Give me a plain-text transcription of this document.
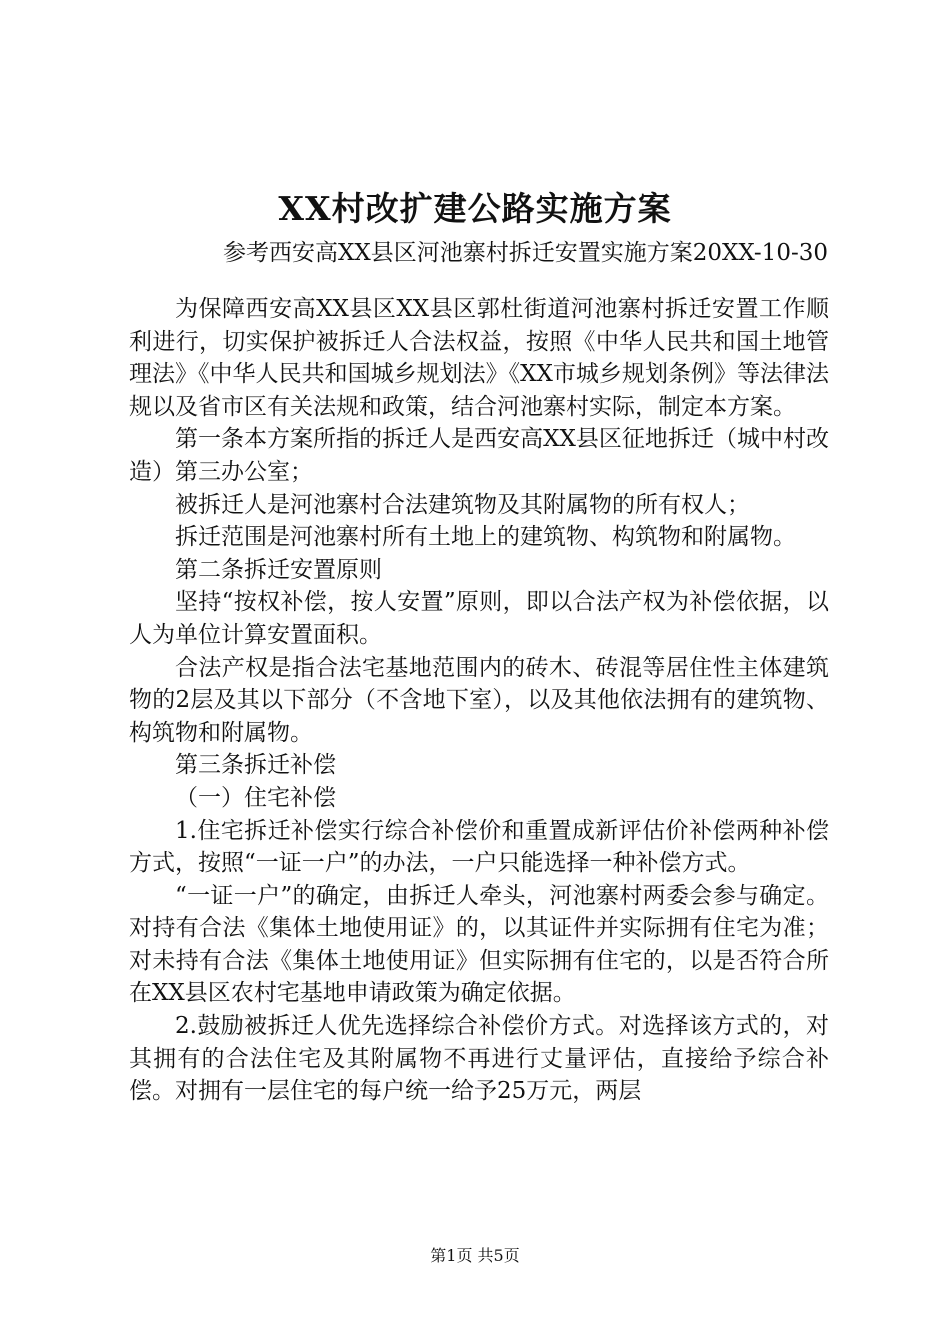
XX村改扩建公路实施方案
参考西安高XX县区河池寨村拆迁安置实施方案20XX-10-30

为保障西安高XX县区XX县区郭杜街道河池寨村拆迁安置工作顺利进行，切实保护被拆迁人合法权益，按照《中华人民共和国土地管理法》《中华人民共和国城乡规划法》《XX市城乡规划条例》等法律法规以及省市区有关法规和政策，结合河池寨村实际，制定本方案。

第一条本方案所指的拆迁人是西安高XX县区征地拆迁（城中村改造）第三办公室；

被拆迁人是河池寨村合法建筑物及其附属物的所有权人；

拆迁范围是河池寨村所有土地上的建筑物、构筑物和附属物。

第二条拆迁安置原则

坚持“按权补偿，按人安置”原则，即以合法产权为补偿依据，以人为单位计算安置面积。

合法产权是指合法宅基地范围内的砖木、砖混等居住性主体建筑物的2层及其以下部分（不含地下室），以及其他依法拥有的建筑物、构筑物和附属物。

第三条拆迁补偿

（一）住宅补偿

1.住宅拆迁补偿实行综合补偿价和重置成新评估价补偿两种补偿方式，按照“一证一户”的办法，一户只能选择一种补偿方式。

“一证一户”的确定，由拆迁人牵头，河池寨村两委会参与确定。对持有合法《集体土地使用证》的，以其证件并实际拥有住宅为准；对未持有合法《集体土地使用证》但实际拥有住宅的，以是否符合所在XX县区农村宅基地申请政策为确定依据。

2.鼓励被拆迁人优先选择综合补偿价方式。对选择该方式的，对其拥有的合法住宅及其附属物不再进行丈量评估，直接给予综合补偿。对拥有一层住宅的每户统一给予25万元，两层

第1页 共5页
